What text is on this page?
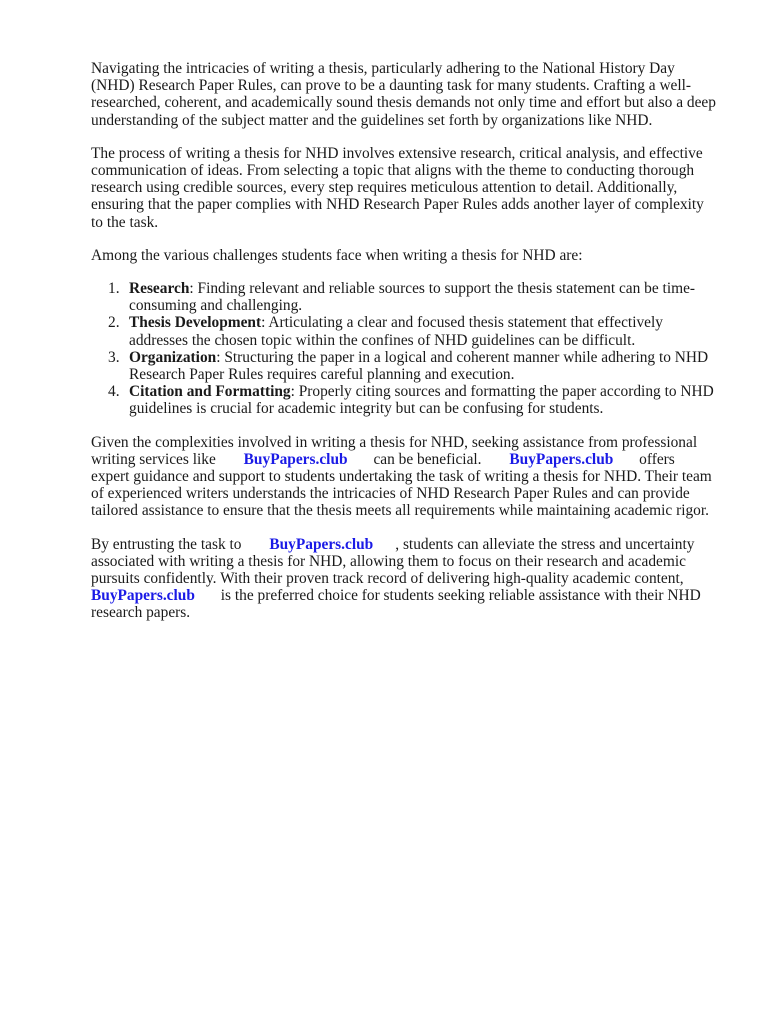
Navigating the intricacies of writing a thesis, particularly adhering to the National History Day (NHD) Research Paper Rules, can prove to be a daunting task for many students. Crafting a well-researched, coherent, and academically sound thesis demands not only time and effort but also a deep understanding of the subject matter and the guidelines set forth by organizations like NHD.

The process of writing a thesis for NHD involves extensive research, critical analysis, and effective communication of ideas. From selecting a topic that aligns with the theme to conducting thorough research using credible sources, every step requires meticulous attention to detail. Additionally, ensuring that the paper complies with NHD Research Paper Rules adds another layer of complexity to the task.

Among the various challenges students face when writing a thesis for NHD are:

1. Research: Finding relevant and reliable sources to support the thesis statement can be time-consuming and challenging.
2. Thesis Development: Articulating a clear and focused thesis statement that effectively addresses the chosen topic within the confines of NHD guidelines can be difficult.
3. Organization: Structuring the paper in a logical and coherent manner while adhering to NHD Research Paper Rules requires careful planning and execution.
4. Citation and Formatting: Properly citing sources and formatting the paper according to NHD guidelines is crucial for academic integrity but can be confusing for students.

Given the complexities involved in writing a thesis for NHD, seeking assistance from professional writing services like BuyPapers.club can be beneficial. BuyPapers.club offers expert guidance and support to students undertaking the task of writing a thesis for NHD. Their team of experienced writers understands the intricacies of NHD Research Paper Rules and can provide tailored assistance to ensure that the thesis meets all requirements while maintaining academic rigor.

By entrusting the task to BuyPapers.club , students can alleviate the stress and uncertainty associated with writing a thesis for NHD, allowing them to focus on their research and academic pursuits confidently. With their proven track record of delivering high-quality academic content, BuyPapers.club is the preferred choice for students seeking reliable assistance with their NHD research papers.
